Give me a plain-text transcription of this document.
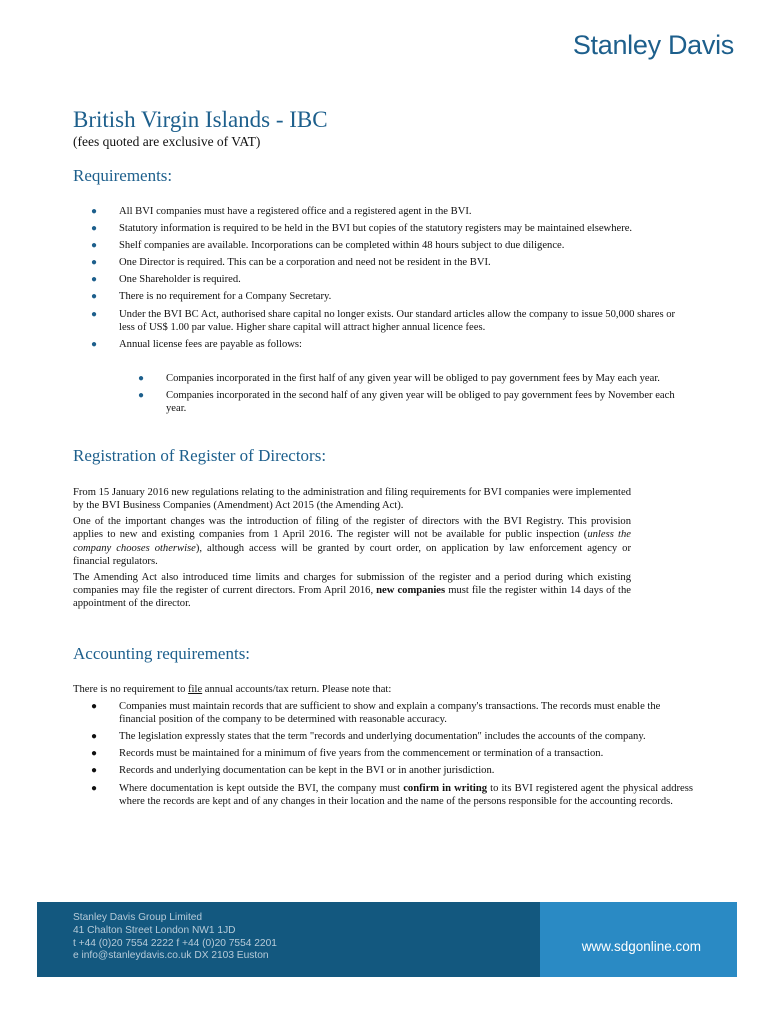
Stanley Davis
British Virgin Islands - IBC
(fees quoted are exclusive of VAT)
Requirements:
● All BVI companies must have a registered office and a registered agent in the BVI.
● Statutory information is required to be held in the BVI but copies of the statutory registers may be maintained elsewhere.
● Shelf companies are available. Incorporations can be completed within 48 hours subject to due diligence.
● One Director is required. This can be a corporation and need not be resident in the BVI.
● One Shareholder is required.
● There is no requirement for a Company Secretary.
● Under the BVI BC Act, authorised share capital no longer exists. Our standard articles allow the company to issue 50,000 shares or less of US$ 1.00 par value. Higher share capital will attract higher annual licence fees.
● Annual license fees are payable as follows:
● Companies incorporated in the first half of any given year will be obliged to pay government fees by May each year.
● Companies incorporated in the second half of any given year will be obliged to pay government fees by November each year.
Registration of Register of Directors:

From 15 January 2016 new regulations relating to the administration and filing requirements for BVI companies were implemented by the BVI Business Companies (Amendment) Act 2015 (the Amending Act).

One of the important changes was the introduction of filing of the register of directors with the BVI Registry. This provision applies to new and existing companies from 1 April 2016. The register will not be available for public inspection (unless the company chooses otherwise), although access will be granted by court order, on application by law enforcement agency or financial regulators.

The Amending Act also introduced time limits and charges for submission of the register and a period during which existing companies may file the register of current directors. From April 2016, new companies must file the register within 14 days of the appointment of the director.

Accounting requirements:

There is no requirement to file annual accounts/tax return. Please note that:

● Companies must maintain records that are sufficient to show and explain a company's transactions. The records must enable the financial position of the company to be determined with reasonable accuracy.
● The legislation expressly states that the term "records and underlying documentation" includes the accounts of the company.
● Records must be maintained for a minimum of five years from the commencement or termination of a transaction.
● Records and underlying documentation can be kept in the BVI or in another jurisdiction.
● Where documentation is kept outside the BVI, the company must confirm in writing to its BVI registered agent the physical address where the records are kept and of any changes in their location and the name of the persons responsible for the accounting records.
Stanley Davis Group Limited
41 Chalton Street London NW1 1JD
t +44 (0)20 7554 2222 f +44 (0)20 7554 2201
e info@stanleydavis.co.uk DX 2103 Euston
www.sdgonline.com
